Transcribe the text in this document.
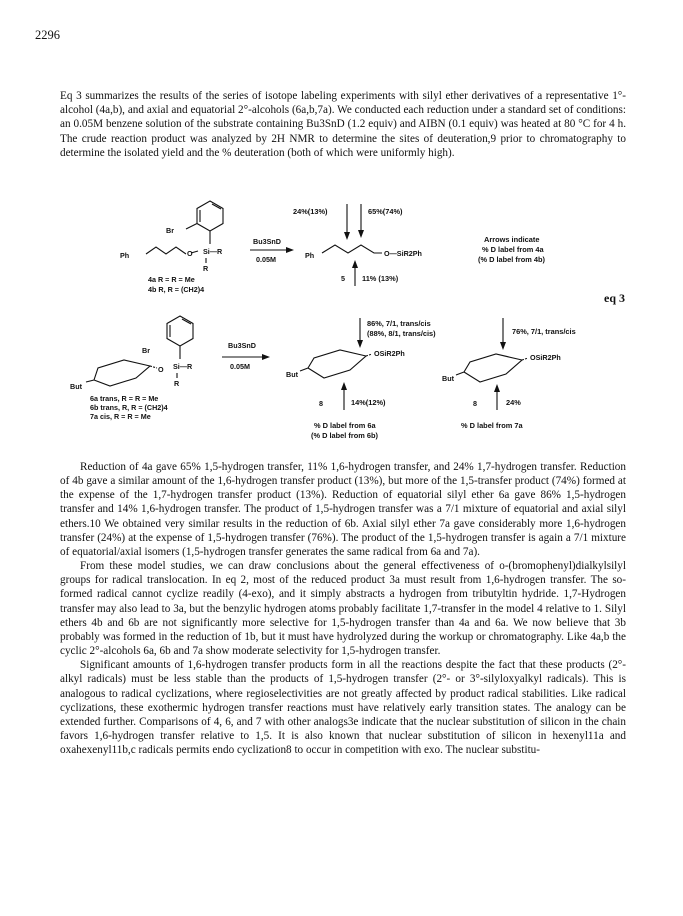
2296

Eq 3 summarizes the results of the series of isotope labeling experiments with silyl ether derivatives of a representative 1°-alcohol (4a,b), and axial and equatorial 2°-alcohols (6a,b,7a). We conducted each reduction under a standard set of conditions: an 0.05M benzene solution of the substrate containing Bu3SnD (1.2 equiv) and AIBN (0.1 equiv) was heated at 80 °C for 4 h. The crude reaction product was analyzed by 2H NMR to determine the sites of deuteration,9 prior to chromatography to determine the isolated yield and the % deuteration (both of which were uniformly high).

Br
Si—R
R
O
Ph
4a R = R = Me
4b R, R = (CH2)4
Bu3SnD
0.05M	Ph	O—SiR2Ph
24%(13%)	65%(74%)
5 11% (13%)
Arrows indicate
% D label from 4a
(% D label from 4b)
eq 3
Br
Si—R
R
O
But
6a trans, R = R = Me
6b trans, R, R = (CH2)4
7a cis, R = R = Me
Bu3SnD
0.05M
OSiR2Ph
But
86%, 7/1, trans/cis
(88%, 8/1, trans/cis)
8	14%(12%)
% D label from 6a
(% D label from 6b)
OSiR2Ph
But
76%, 7/1, trans/cis
8	24%
% D label from 7a

Reduction of 4a gave 65% 1,5-hydrogen transfer, 11% 1,6-hydrogen transfer, and 24% 1,7-hydrogen transfer. Reduction of 4b gave a similar amount of the 1,6-hydrogen transfer product (13%), but more of the 1,5-transfer product (74%) formed at the expense of the 1,7-hydrogen transfer product (13%). Reduction of equatorial silyl ether 6a gave 86% 1,5-hydrogen transfer and 14% 1,6-hydrogen transfer. The product of 1,5-hydrogen transfer was a 7/1 mixture of equatorial and axial silyl ethers.10 We obtained very similar results in the reduction of 6b. Axial silyl ether 7a gave considerably more 1,6-hydrogen transfer (24%) at the expense of 1,5-hydrogen transfer (76%). The product of the 1,5-hydrogen transfer is again a 7/1 mixture of equatorial/axial isomers (1,5-hydrogen transfer generates the same radical from 6a and 7a).

From these model studies, we can draw conclusions about the general effectiveness of o-(bromophenyl)dialkylsilyl groups for radical translocation. In eq 2, most of the reduced product 3a must result from 1,6-hydrogen transfer. The so-formed radical cannot cyclize readily (4-exo), and it simply abstracts a hydrogen from tributyltin hydride. 1,7-Hydrogen transfer may also lead to 3a, but the benzylic hydrogen atoms probably facilitate 1,7-transfer in the model 4 relative to 1. Silyl ethers 4b and 6b are not significantly more selective for 1,5-hydrogen transfer than 4a and 6a. We now believe that 3b probably was formed in the reduction of 1b, but it must have hydrolyzed during the workup or chromatography. Like 4a,b the cyclic 2°-alcohols 6a, 6b and 7a show moderate selectivity for 1,5-hydrogen transfer.

Significant amounts of 1,6-hydrogen transfer products form in all the reactions despite the fact that these products (2°-alkyl radicals) must be less stable than the products of 1,5-hydrogen transfer (2°- or 3°-silyloxyalkyl radicals). This is analogous to radical cyclizations, where regioselectivities are not greatly affected by product radical stabilities. Like radical cyclizations, these exothermic hydrogen transfer reactions must have relatively early transition states. The analogy can be extended further. Comparisons of 4, 6, and 7 with other analogs3e indicate that the nuclear substitution of silicon in the chain favors 1,6-hydrogen transfer relative to 1,5. It is also known that nuclear substitution of silicon in hexenyl11a and oxahexenyl11b,c radicals permits endo cyclization8 to occur in competition with exo. The nuclear substitu-
